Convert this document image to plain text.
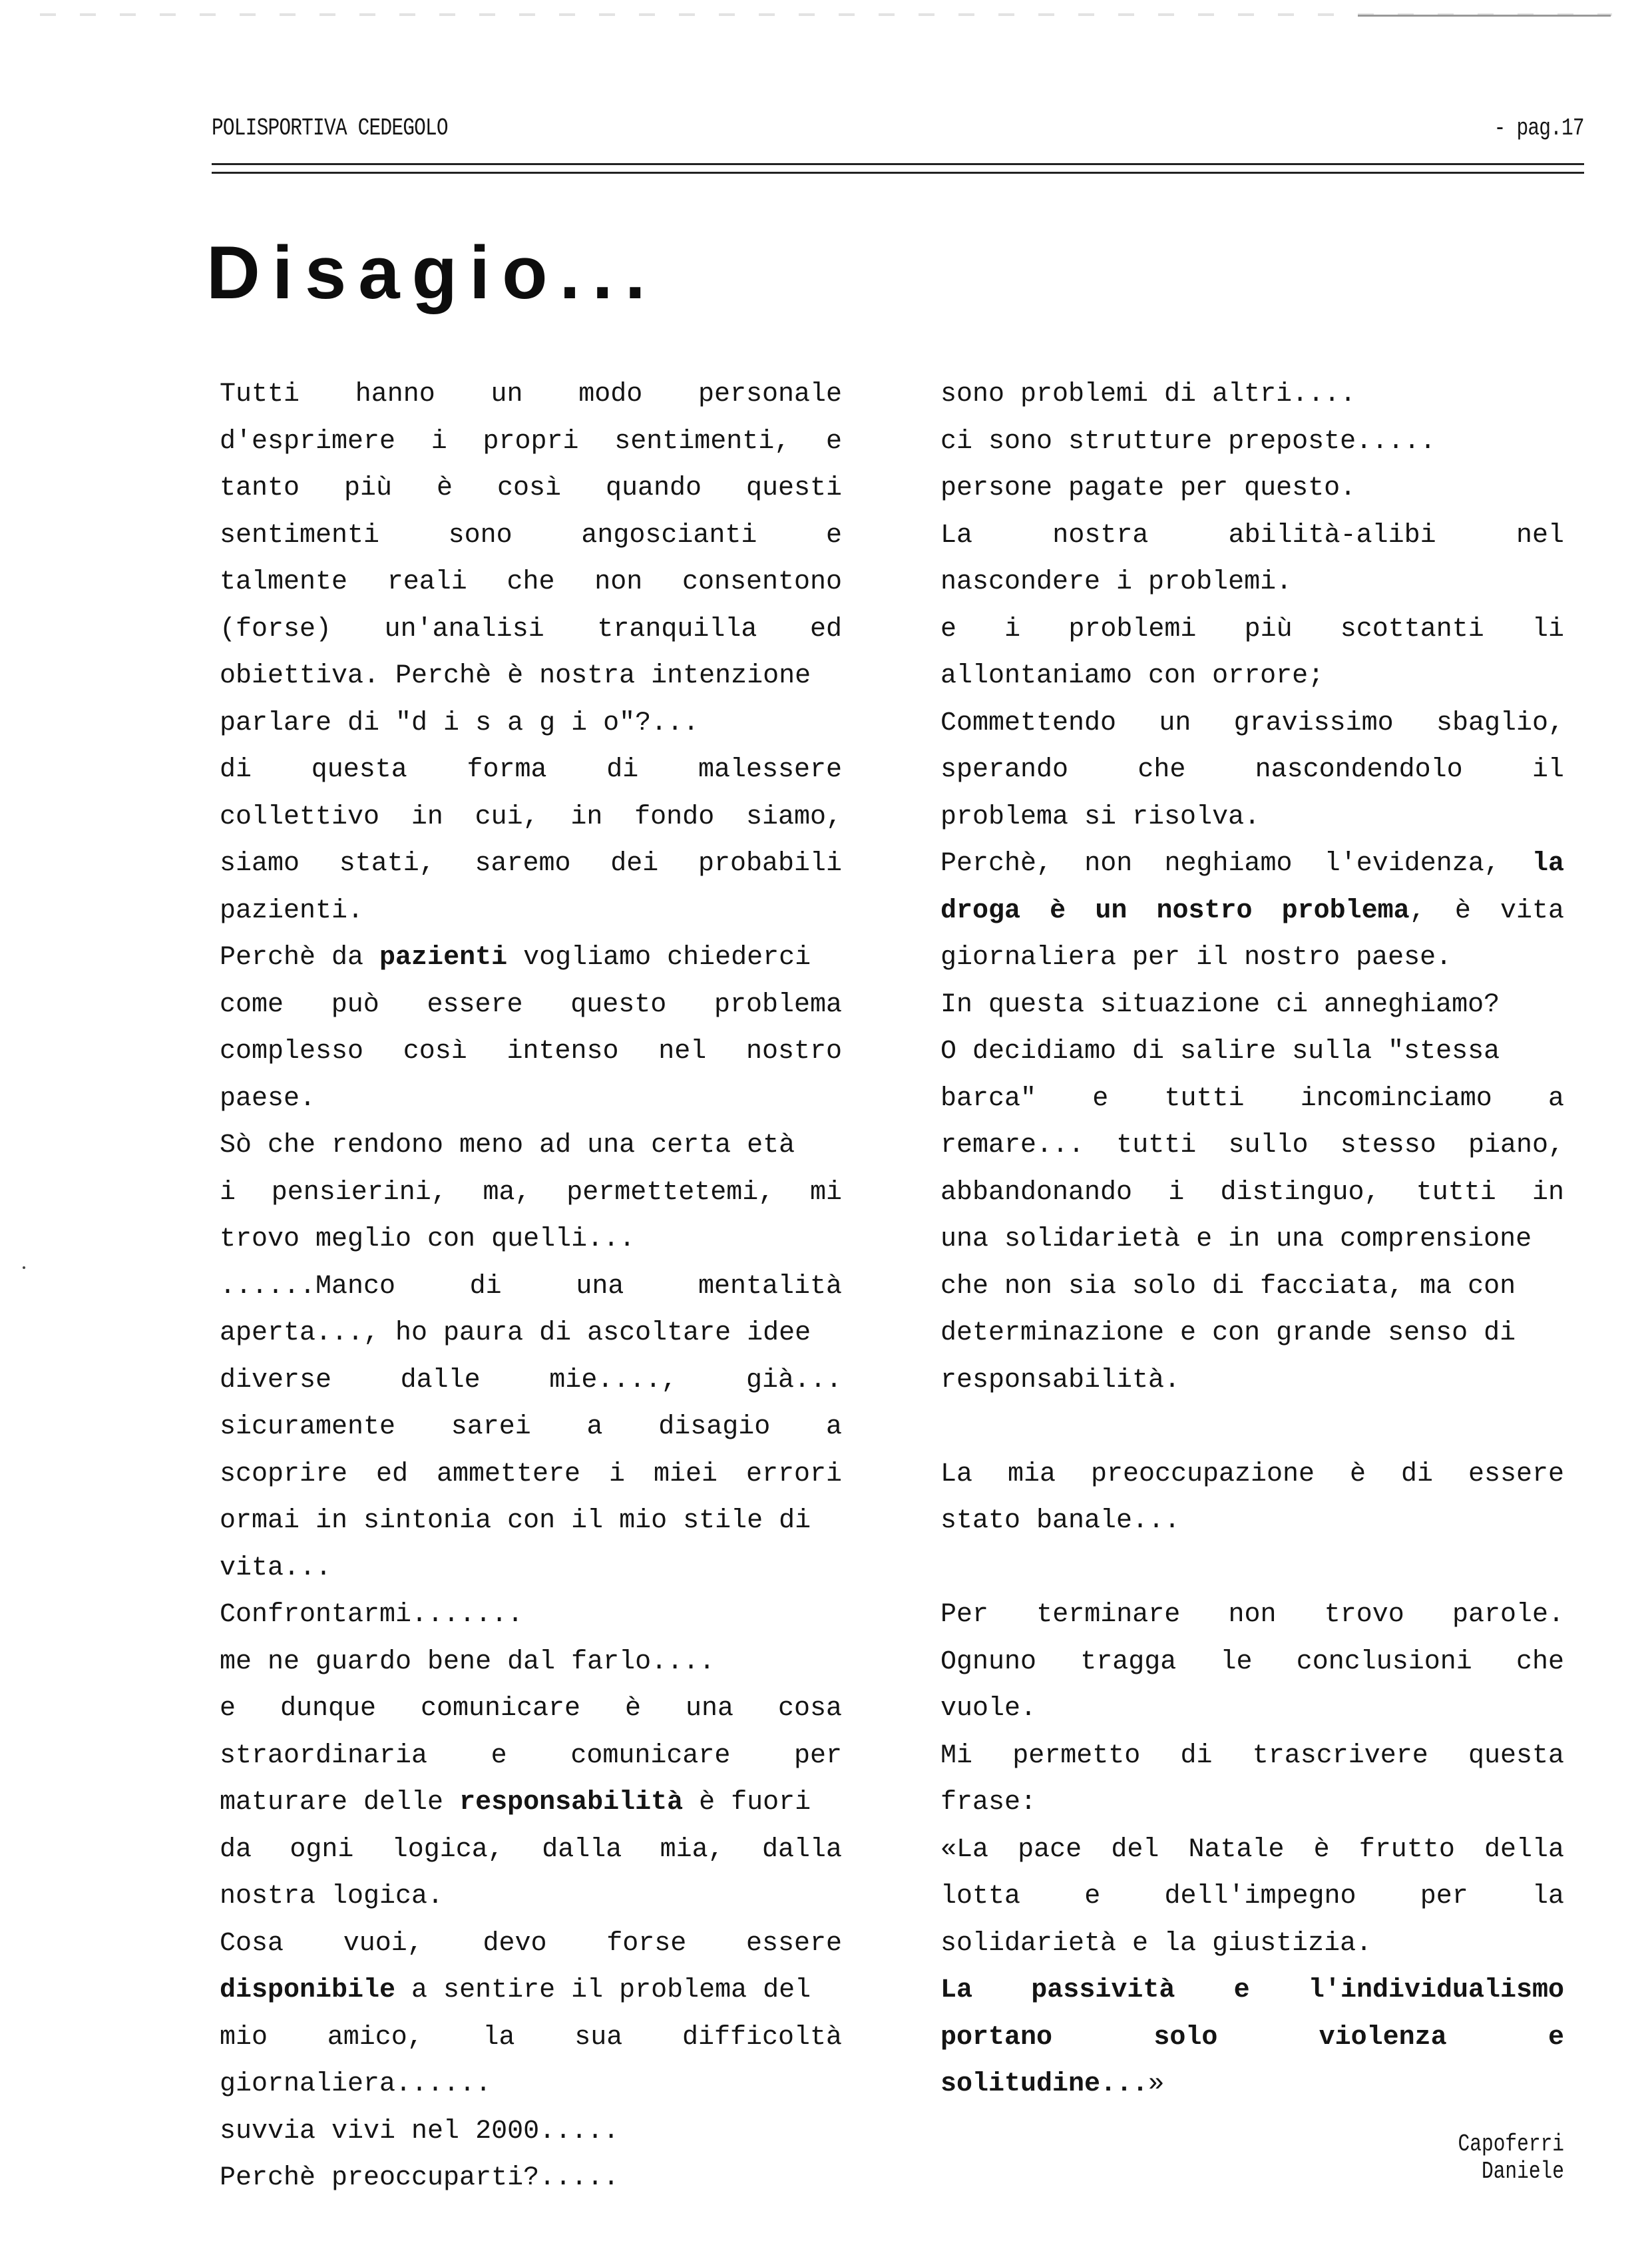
POLISPORTIVA CEDEGOLO	- pag.17
Disagio...
Tutti hanno un modo personale
d'esprimere i propri sentimenti, e
tanto più è così quando questi
sentimenti sono angoscianti e
talmente reali che non consentono
(forse) un'analisi tranquilla ed
obiettiva. Perchè è nostra intenzione
parlare di "d i s a g i o"?...
di questa forma di malessere
collettivo in cui, in fondo siamo,
siamo stati, saremo dei probabili
pazienti.
Perchè da pazienti vogliamo chiederci
come può essere questo problema
complesso così intenso nel nostro
paese.
Sò che rendono meno ad una certa età
i pensierini, ma, permettetemi, mi
trovo meglio con quelli...
......Manco di una mentalità
aperta..., ho paura di ascoltare idee
diverse dalle mie...., già...
sicuramente sarei a disagio a
scoprire ed ammettere i miei errori
ormai in sintonia con il mio stile di
vita...
Confrontarmi.......
me ne guardo bene dal farlo....
e dunque comunicare è una cosa
straordinaria e comunicare per
maturare delle responsabilità è fuori
da ogni logica, dalla mia, dalla
nostra logica.
Cosa vuoi, devo forse essere
disponibile a sentire il problema del
mio amico, la sua difficoltà
giornaliera......
suvvia vivi nel 2000.....
Perchè preoccuparti?.....
sono problemi di altri....
ci sono strutture preposte.....
persone pagate per questo.
La nostra abilità-alibi nel
nascondere i problemi.
e i problemi più scottanti li
allontaniamo con orrore;
Commettendo un gravissimo sbaglio,
sperando che nascondendolo il
problema si risolva.
Perchè, non neghiamo l'evidenza, la
droga è un nostro problema, è vita
giornaliera per il nostro paese.
In questa situazione ci anneghiamo?
O decidiamo di salire sulla "stessa
barca" e tutti incominciamo a
remare... tutti sullo stesso piano,
abbandonando i distinguo, tutti in
una solidarietà e in una comprensione
che non sia solo di facciata, ma con
determinazione e con grande senso di
responsabilità.
La mia preoccupazione è di essere
stato banale...
Per terminare non trovo parole.
Ognuno tragga le conclusioni che
vuole.
Mi permetto di trascrivere questa
frase:
«La pace del Natale è frutto della
lotta e dell'impegno per la
solidarietà e la giustizia.
La passività e l'individualismo
portano solo violenza e
solitudine...»
Capoferri Daniele
